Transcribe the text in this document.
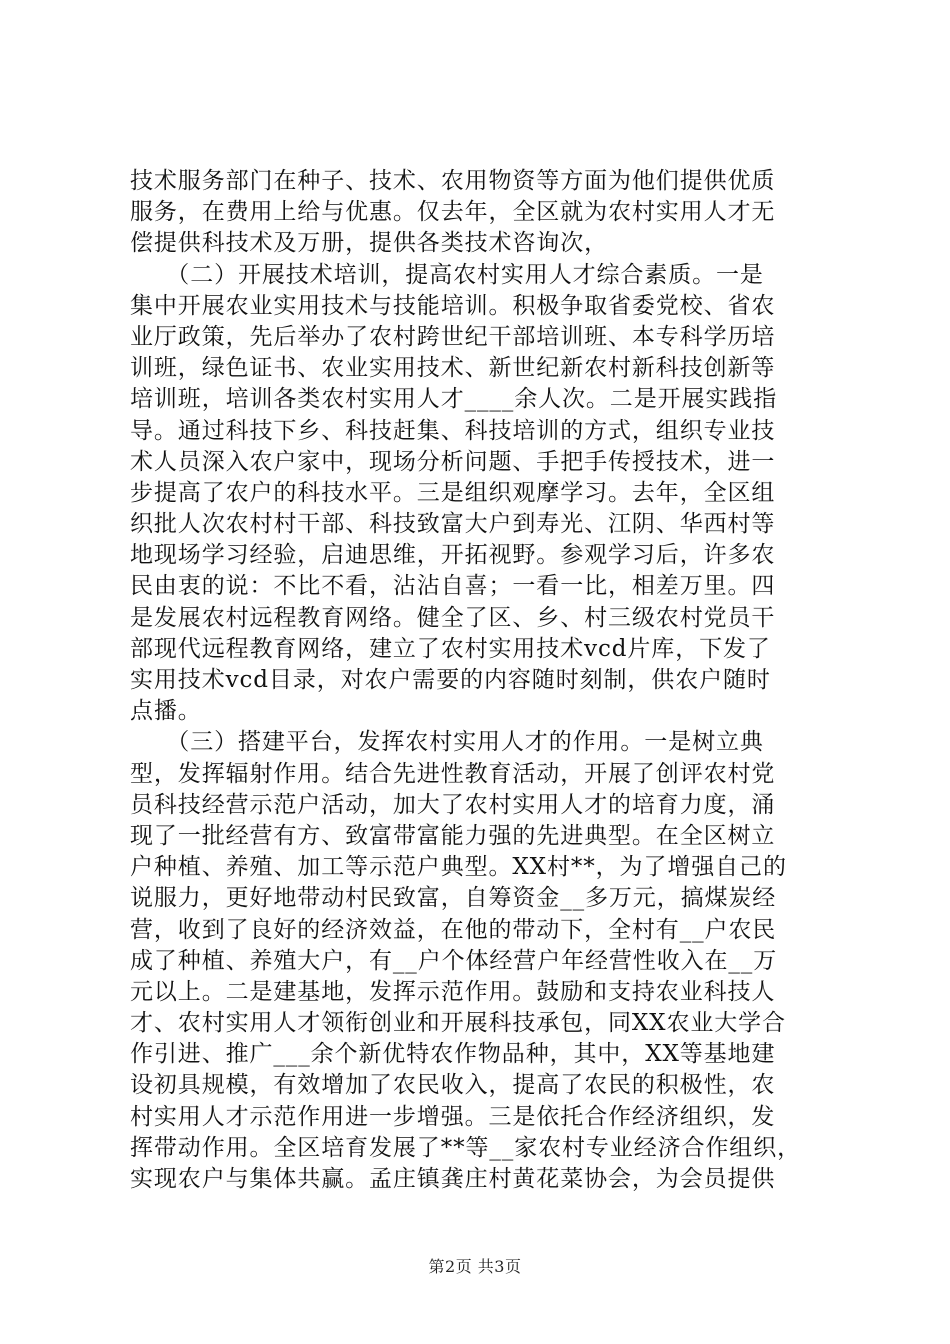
技术服务部门在种子、技术、农用物资等方面为他们提供优质
服务，在费用上给与优惠。仅去年，全区就为农村实用人才无
偿提供科技术及万册，提供各类技术咨询次，
　　（二）开展技术培训，提高农村实用人才综合素质。一是
集中开展农业实用技术与技能培训。积极争取省委党校、省农
业厅政策，先后举办了农村跨世纪干部培训班、本专科学历培
训班，绿色证书、农业实用技术、新世纪新农村新科技创新等
培训班，培训各类农村实用人才____余人次。二是开展实践指
导。通过科技下乡、科技赶集、科技培训的方式，组织专业技
术人员深入农户家中，现场分析问题、手把手传授技术，进一
步提高了农户的科技水平。三是组织观摩学习。去年，全区组
织批人次农村村干部、科技致富大户到寿光、江阴、华西村等
地现场学习经验，启迪思维，开拓视野。参观学习后，许多农
民由衷的说：不比不看，沾沾自喜；一看一比，相差万里。四
是发展农村远程教育网络。健全了区、乡、村三级农村党员干
部现代远程教育网络，建立了农村实用技术vcd片库，下发了
实用技术vcd目录，对农户需要的内容随时刻制，供农户随时
点播。
　　（三）搭建平台，发挥农村实用人才的作用。一是树立典
型，发挥辐射作用。结合先进性教育活动，开展了创评农村党
员科技经营示范户活动，加大了农村实用人才的培育力度，涌
现了一批经营有方、致富带富能力强的先进典型。在全区树立
户种植、养殖、加工等示范户典型。XX村**，为了增强自己的
说服力，更好地带动村民致富，自筹资金__多万元，搞煤炭经
营，收到了良好的经济效益，在他的带动下，全村有__户农民
成了种植、养殖大户，有__户个体经营户年经营性收入在__万
元以上。二是建基地，发挥示范作用。鼓励和支持农业科技人
才、农村实用人才领衔创业和开展科技承包，同XX农业大学合
作引进、推广___余个新优特农作物品种，其中，XX等基地建
设初具规模，有效增加了农民收入，提高了农民的积极性，农
村实用人才示范作用进一步增强。三是依托合作经济组织，发
挥带动作用。全区培育发展了**等__家农村专业经济合作组织，
实现农户与集体共赢。孟庄镇龚庄村黄花菜协会，为会员提供
第2页 共3页
